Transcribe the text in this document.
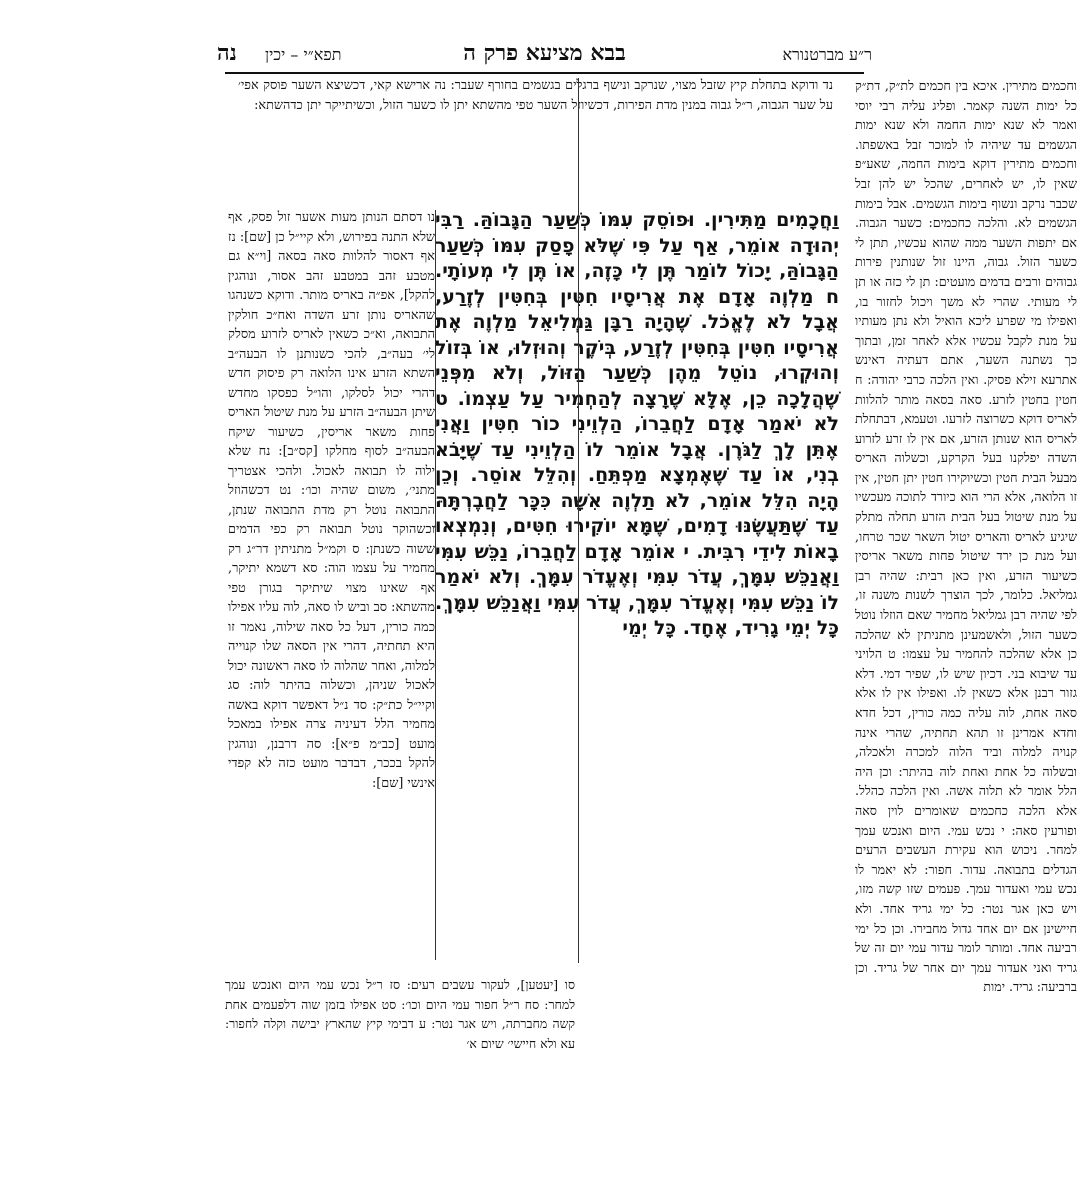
נה תפא״י – יכין	בבא מציעא פרק ה	ר״ע מברטנורא
וחכמים מתירין. איכא בין חכמים לת״ק, דת״ק כל ימות השנה קאמר. ופליג עליה רבי יוסי ואמר לא שנא ימות החמה ולא שנא ימות הגשמים עד שיהיה לו למוכר זבל באשפתו. וחכמים מתירין דוקא בימות החמה, שאע״פ שאין לו, יש לאחרים, שהכל יש להן זבל שכבר נרקב ונשוף בימות הגשמים. אבל בימות הגשמים לא. והלכה כחכמים: כשער הגבוה. אם יתפות השער ממה שהוא עכשיו, תתן לי כשער הזול. גבוה, היינו זול שנותנין פירות גבוהים ורבים בדמים מועטים: תן לי כזה או תן לי מעותי. שהרי לא משך ויכול לחזור בו, ואפילו מי שפרע ליכא הואיל ולא נתן מעותיו על מנת לקבל עכשיו אלא לאחר זמן, ובתוך כך נשתנה השער, אתם דעתיה דאינש אתרעא זילא פסיק. ואין הלכה כרבי יהודה: ח חטין בחטין לזרע. סאה בסאה מותר להלוות לאריס דוקא כשרוצה לזרעו. וטעמא, דבתחלת לאריס הוא שנותן הזרע, אם אין לו זרע לזרוע השדה יפלקנו בעל הקרקע, וכשלוה האריס מבעל הבית חטין וכשיוקירו חטין יתן חטין, אין זו הלואה, אלא הרי הוא כיורד לתוכה מעכשיו על מנת שיטול בעל הבית הזרע תחלה מתלק שיגיע לאריס והאריס יטול השאר שכר טרחו, ועל מנת כן ירד שיטול פחות משאר אריסין כשיעור הזרע, ואין כאן רבית: שהיה רבן גמליאל. כלומר, לכך הוצרך לשנות משנה זו, לפי שהיה רבן גמליאל מחמיר שאם הוזלו נוטל כשער הזול, ולאשמעינן מתניתין לא שהלכה כן אלא שהלכה להחמיר על עצמו: ט הלויני עד שיבוא בני. דכיון שיש לו, שפיר דמי. דלא גזור רבנן אלא כשאין לו. ואפילו אין לו אלא סאה אחת, לוה עליה כמה כורין, דכל חדא וחדא אמרינן זו תהא תחתיה, שהרי אינה קנויה למלוה וביד הלוה למכרה ולאכלה, ובשלוה כל אחת ואחת לוה בהיתר: וכן היה הלל אומר לא תלוה אשה. ואין הלכה כהלל. אלא הלכה כחכמים שאומרים לוין סאה ופורעין סאה: י נכש עמי. היום ואנכש עמך למחר. ניכוש הוא עקירת העשבים הרעים הגדלים בתבואה. עדור. חפור: לא יאמר לו נכש עמי ואעדור עמך. פעמים שזו קשה מזו, ויש כאן אגר נטר: כל ימי גריד אחד. ולא חיישינן אם יום אחד גדול מחבירו. וכן כל ימי רביעה אחד. ומותר לומר עדור עמי יום זה של גריד ואני אעדור עמך יום אחר של גריד. וכן ברביעה: גריד. ימות
נד ודוקא בתחלת קיץ שזבל מצוי, שנרקב ונישף ברגלים בגשמים בחורף שעבר: נה ארישא קאי, דכשיצא השער פוסק אפי׳ על שער הגבוה, ר״ל גבוה במנין מדת הפירות, דכשיוזל השער טפי מהשתא יתן לו כשער הזול, וכשיתייקר יתן כדהשתא:
וַחֲכָמִים מַתִּירִין. וּפוֹסֵק עִמּוֹ כְּשַׁעַר הַגָּבוֹהַּ. רַבִּי יְהוּדָה אוֹמֵר, אַף עַל פִּי שֶׁלֹּא פָסַק עִמּוֹ כְּשַׁעַר הַגָּבוֹהַּ, יָכוֹל לוֹמַר תֶּן לִי כָּזֶה, אוֹ תֶּן לִי מְעוֹתָי. ח מַלְוֶה אָדָם אֶת אֲרִיסָיו חִטִּין בְּחִטִּין לְזֶרַע, אֲבָל לֹא לֶאֱכֹל. שֶׁהָיָה רַבָּן גַּמְלִיאֵל מַלְוֶה אֶת אֲרִיסָיו חִטִּין בְּחִטִּין לְזֶרַע, בְּיֹקֶר וְהוּזְלוּ, אוֹ בְּזוֹל וְהוּקְרוּ, נוֹטֵל מֵהֶן כְּשַׁעַר הַזּוֹל, וְלֹא מִפְּנֵי שֶׁהֲלָכָה כֵן, אֶלָּא שֶׁרָצָה לְהַחְמִיר עַל עַצְמוֹ. ט לֹא יֹאמַר אָדָם לַחֲבֵרוֹ, הַלְוֵינִי כוֹר חִטִּין וַאֲנִי אֶתֵּן לָךְ לַגֹּרֶן. אֲבָל אוֹמֵר לוֹ הַלְוֵינִי עַד שֶׁיָּבֹא בְנִי, אוֹ עַד שֶׁאֶמְצָא מַפְתֵּחַ. וְהִלֵּל אוֹסֵר. וְכֵן הָיָה הִלֵּל אוֹמֵר, לֹא תַלְוֶה אִשָּׁה כִּכָּר לַחֲבֶרְתָּהּ עַד שֶׁתַּעֲשֶׂנּוּ דָמִים, שֶׁמָּא יוֹקִירוּ חִטִּים, וְנִמְצְאוּ בָאוֹת לִידֵי רִבִּית. י אוֹמֵר אָדָם לַחֲבֵרוֹ, נַכֵּשׁ עִמִּי וַאֲנַכֵּשׁ עִמָּךְ, עֲדֹר עִמִּי וְאֶעֱדֹר עִמָּךְ. וְלֹא יֹאמַר לוֹ נַכֵּשׁ עִמִּי וְאֶעֱדֹר עִמָּךְ, עֲדֹר עִמִּי וַאֲנַכֵּשׁ עִמָּךְ. כָּל יְמֵי גָרִיד, אֶחָד. כָּל יְמֵי
נו דסתם הנותן מעות אשער זול פסק, אף שלא התנה בפירוש, ולא קיי״ל כן [שם]: נז אף דאסור להלוות סאה בסאה [וי״א גם מטבע זהב במטבע זהב אסור, ונוהגין להקל], אפ״ה באריס מותר. ודוקא כשנהגו שהאריס נותן זרע השדה ואח״כ חולקין התבואה, וא״כ כשאין לאריס לזרוע מסלק לי׳ בעה״ב, להכי כשנותנן לו הבעה״ב השתא הזרע אינו הלואה רק פיסוק חדש דהרי יכול לסלקו, והו״ל כפסקו מחדש שיתן הבעה״ב הזרע על מנת שיטול האריס פחות משאר אריסין, כשיעור שיקח הבעה״ב לסוף מחלקו [קס״ב]: נח שלא ילוה לו תבואה לאכול. ולהכי אצטריך מתני׳, משום שהיה וכו׳: נט דכשהוזל התבואה נוטל רק מדת התבואה שנתן, וכשהוקר נוטל תבואה רק כפי הדמים ששוה כשנתן: ס וקמ״ל מתניתין דר״ג רק מחמיר על עצמו הוה: סא דשמא יתיקר, אף שאינו מצוי שיתיקר בגורן טפי מהשתא: סב וביש לו סאה, לוה עליו אפילו כמה כורין, דעל כל סאה שילוה, נאמר זו היא תחתיה, דהרי אין הסאה שלו קנוייה למלוה, ואחר שהלוה לו סאה ראשונה יכול לאכול שניהן, וכשלוה בהיתר לוה: סג וקיי״ל כת״ק: סד נ״ל דאפשר דוקא באשה מחמיר הלל דעיניה צרה אפילו במאכל מועט [כב״מ פ״א]: סה דרבנן, ונוהגין להקל בככר, דבדבר מועט כזה לא קפדי אינשי [שם]:
סו [יעטען], לעקור עשבים רעים: סז ר״ל נכש עמי היום ואנכש עמך למחר: סח ר״ל חפור עמי היום וכו׳: סט אפילו בזמן שוה דלפעמים אחת קשה מחברתה, ויש אגר נטר: ע דבימי קיץ שהארץ יבישה וקלה לחפור: עא ולא חיישי׳ שיום א׳
